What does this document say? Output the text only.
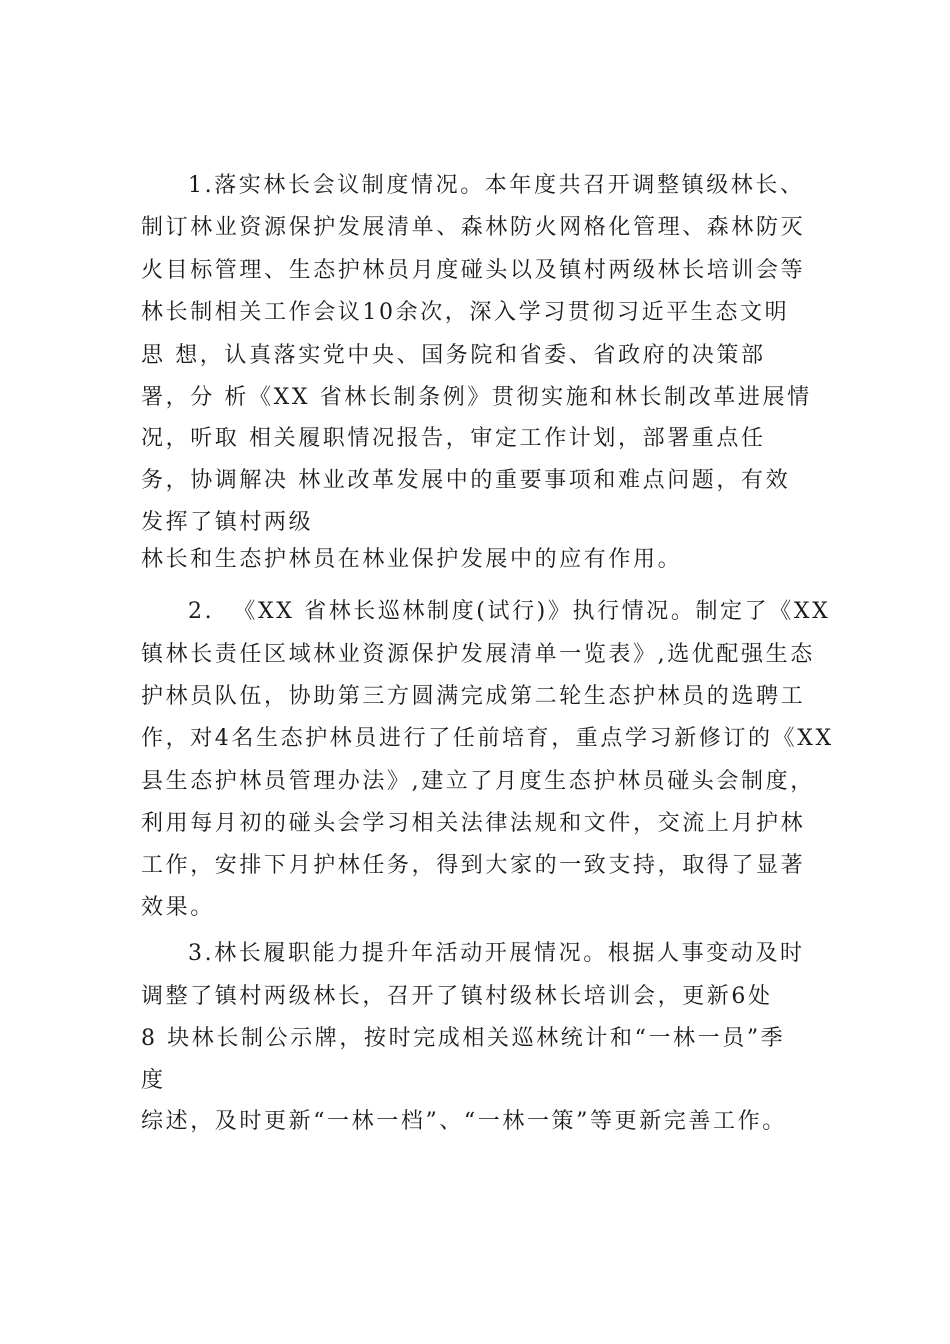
1.落实林长会议制度情况。本年度共召开调整镇级林长、
制订林业资源保护发展清单、森林防火网格化管理、森林防灭
火目标管理、生态护林员月度碰头以及镇村两级林长培训会等
林长制相关工作会议10余次，深入学习贯彻习近平生态文明
思 想，认真落实党中央、国务院和省委、省政府的决策部
署，分 析《XX 省林长制条例》贯彻实施和林长制改革进展情
况，听取 相关履职情况报告，审定工作计划，部署重点任
务，协调解决 林业改革发展中的重要事项和难点问题，有效
发挥了镇村两级
林长和生态护林员在林业保护发展中的应有作用。
2.  《XX 省林长巡林制度(试行)》执行情况。制定了《XX
镇林长责任区域林业资源保护发展清单一览表》,选优配强生态
护林员队伍，协助第三方圆满完成第二轮生态护林员的选聘工
作，对4名生态护林员进行了任前培育，重点学习新修订的《XX
县生态护林员管理办法》,建立了月度生态护林员碰头会制度，
利用每月初的碰头会学习相关法律法规和文件，交流上月护林
工作，安排下月护林任务，得到大家的一致支持，取得了显著
效果。
3.林长履职能力提升年活动开展情况。根据人事变动及时
调整了镇村两级林长，召开了镇村级林长培训会，更新6处
8 块林长制公示牌，按时完成相关巡林统计和“一林一员”季
度
综述，及时更新“一林一档”、“一林一策”等更新完善工作。
